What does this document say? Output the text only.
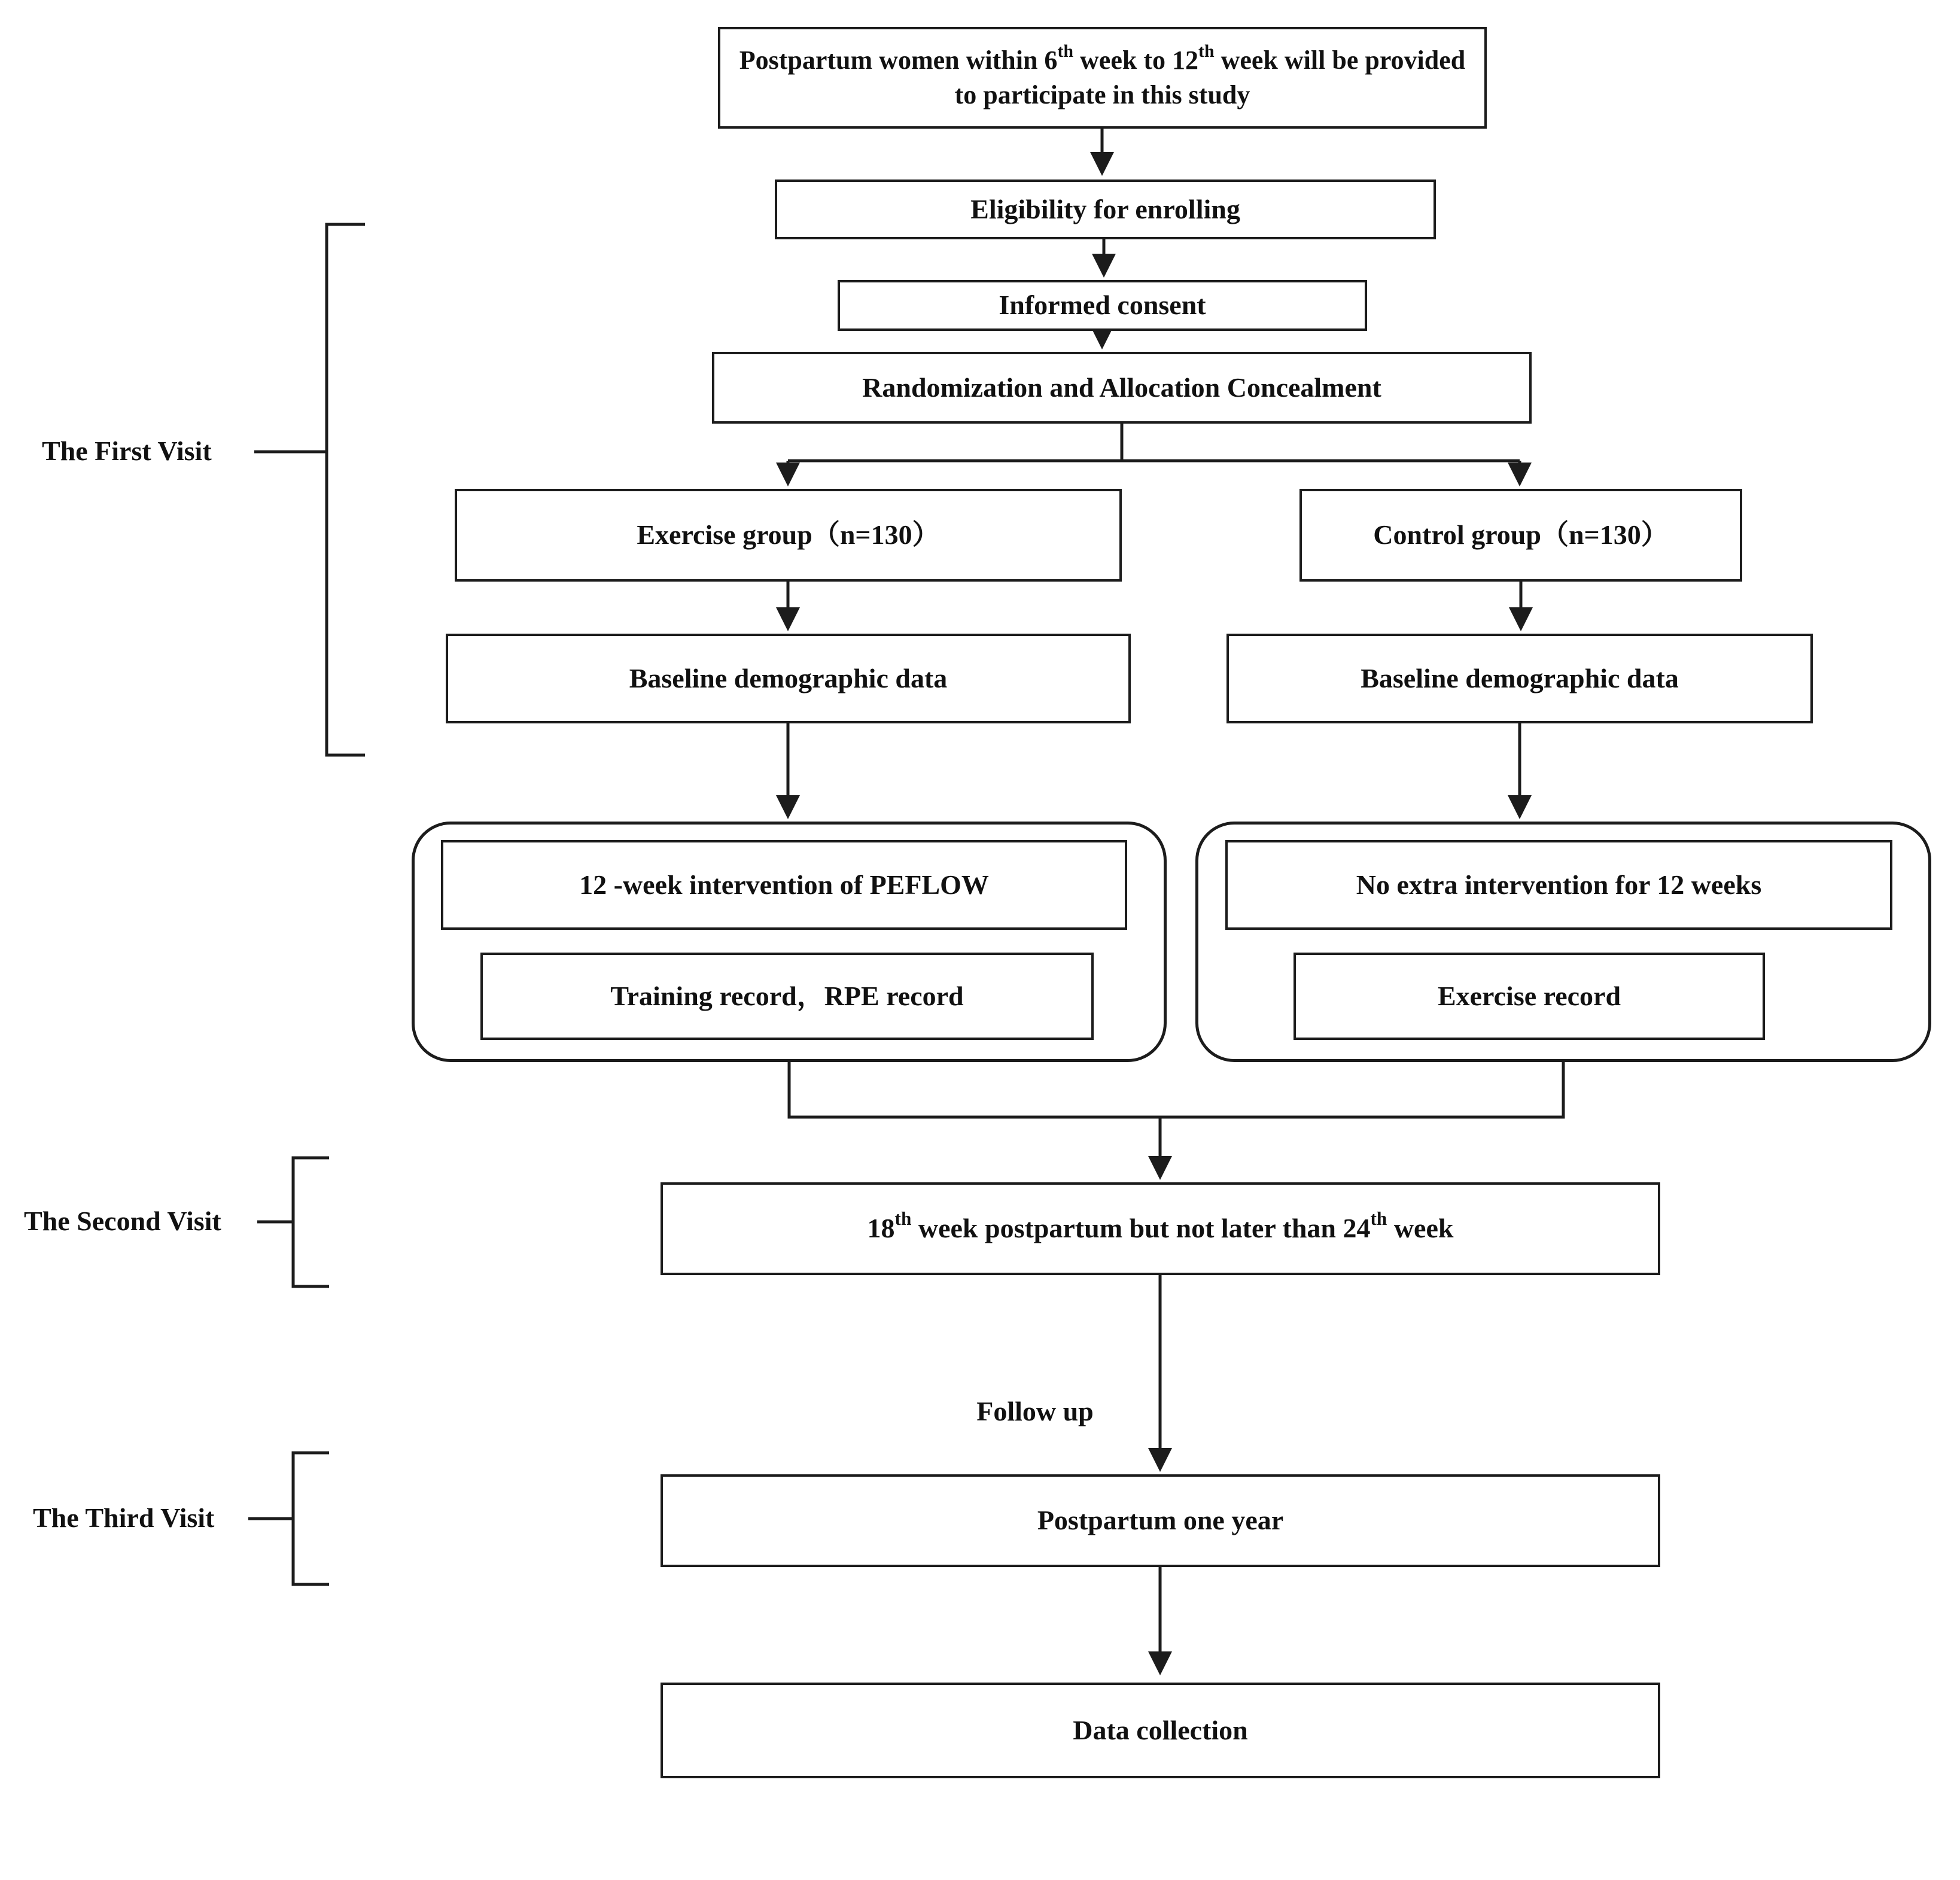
Postpartum women within 6th week to 12th week will be provided to participate in this study
Eligibility for enrolling
Informed consent
Randomization and Allocation Concealment
Exercise group（n=130）	Control group（n=130）
Baseline demographic data	Baseline demographic data
12 -week intervention of PEFLOW
Training record，RPE record
No extra intervention for 12 weeks
Exercise record
18th week postpartum but not later than 24th week
Follow up
Postpartum one year
Data collection
The First Visit
The Second Visit
The Third Visit
